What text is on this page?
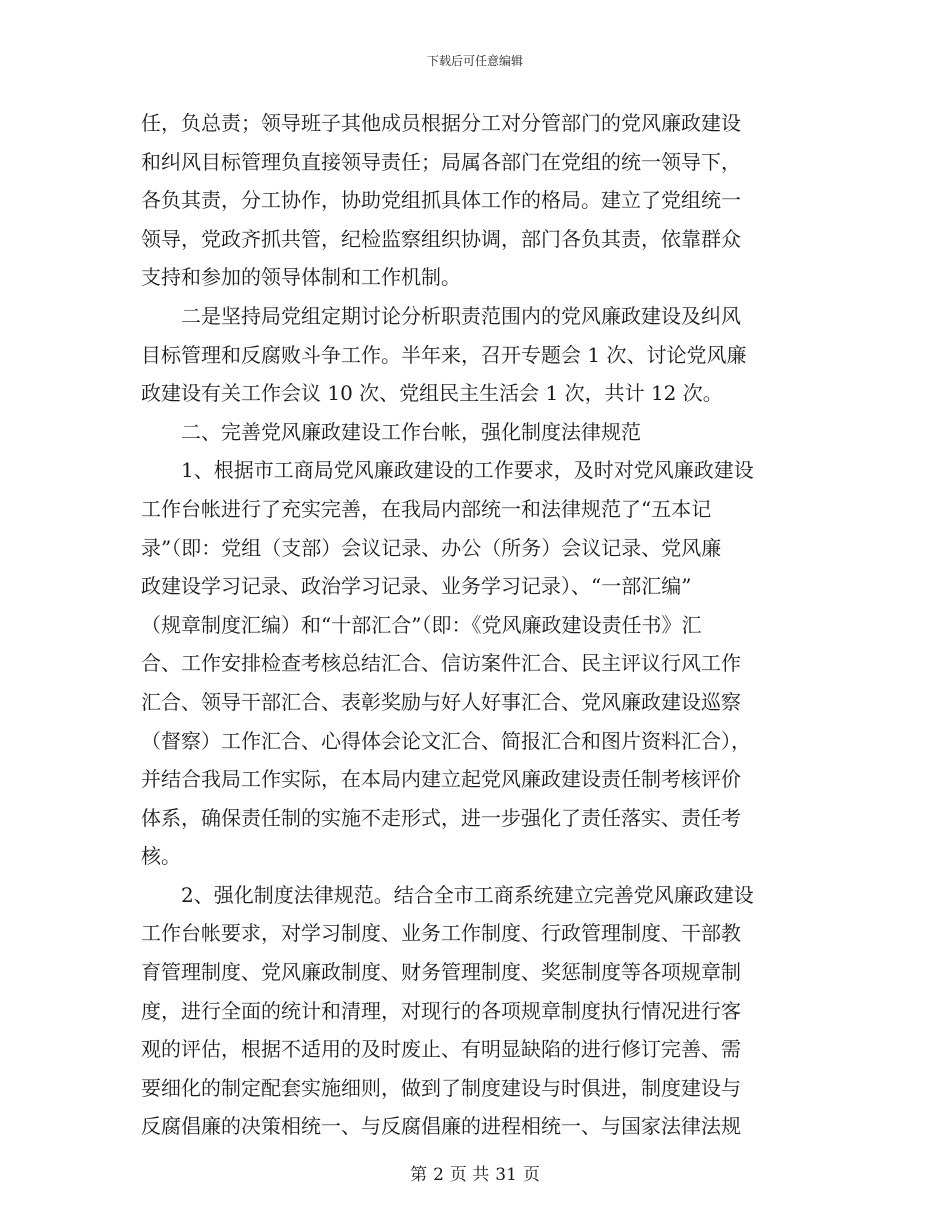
下载后可任意编辑
任，负总责；领导班子其他成员根据分工对分管部门的党风廉政建设
和纠风目标管理负直接领导责任；局属各部门在党组的统一领导下，
各负其责，分工协作，协助党组抓具体工作的格局。建立了党组统一
领导，党政齐抓共管，纪检监察组织协调，部门各负其责，依靠群众
支持和参加的领导体制和工作机制。
　　二是坚持局党组定期讨论分析职责范围内的党风廉政建设及纠风
目标管理和反腐败斗争工作。半年来，召开专题会 1 次、讨论党风廉
政建设有关工作会议 10 次、党组民主生活会 1 次，共计 12 次。
　　二、完善党风廉政建设工作台帐，强化制度法律规范
　　1、根据市工商局党风廉政建设的工作要求，及时对党风廉政建设
工作台帐进行了充实完善，在我局内部统一和法律规范了“五本记
录”（即：党组（支部）会议记录、办公（所务）会议记录、党风廉
政建设学习记录、政治学习记录、业务学习记录）、“一部汇编”
（规章制度汇编）和“十部汇合”（即：《党风廉政建设责任书》汇
合、工作安排检查考核总结汇合、信访案件汇合、民主评议行风工作
汇合、领导干部汇合、表彰奖励与好人好事汇合、党风廉政建设巡察
（督察）工作汇合、心得体会论文汇合、简报汇合和图片资料汇合），
并结合我局工作实际，在本局内建立起党风廉政建设责任制考核评价
体系，确保责任制的实施不走形式，进一步强化了责任落实、责任考
核。
　　2、强化制度法律规范。结合全市工商系统建立完善党风廉政建设
工作台帐要求，对学习制度、业务工作制度、行政管理制度、干部教
育管理制度、党风廉政制度、财务管理制度、奖惩制度等各项规章制
度，进行全面的统计和清理，对现行的各项规章制度执行情况进行客
观的评估，根据不适用的及时废止、有明显缺陷的进行修订完善、需
要细化的制定配套实施细则，做到了制度建设与时俱进，制度建设与
反腐倡廉的决策相统一、与反腐倡廉的进程相统一、与国家法律法规
第 2 页 共 31 页
